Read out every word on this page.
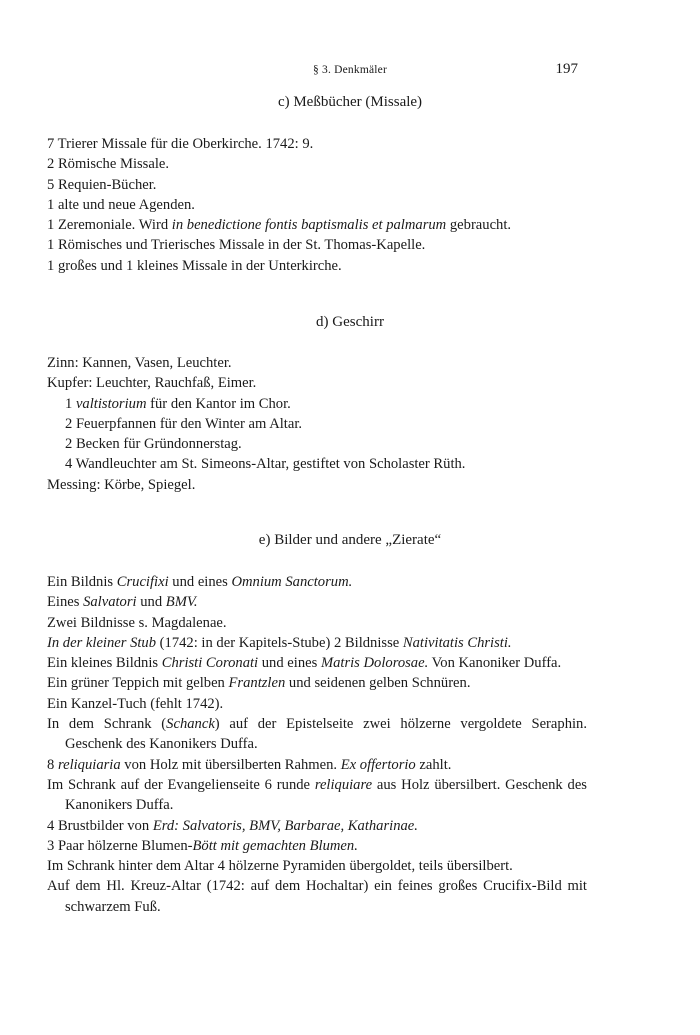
§ 3. Denkmäler	197
c) Meßbücher (Missale)

7 Trierer Missale für die Oberkirche. 1742: 9.

2 Römische Missale.

5 Requien-Bücher.

1 alte und neue Agenden.

1 Zeremoniale. Wird in benedictione fontis baptismalis et palmarum gebraucht.

1 Römisches und Trierisches Missale in der St. Thomas-Kapelle.

1 großes und 1 kleines Missale in der Unterkirche.

d) Geschirr

Zinn: Kannen, Vasen, Leuchter.

Kupfer: Leuchter, Rauchfaß, Eimer.

1 valtistorium für den Kantor im Chor.

2 Feuerpfannen für den Winter am Altar.

2 Becken für Gründonnerstag.

4 Wandleuchter am St. Simeons-Altar, gestiftet von Scholaster Rüth.

Messing: Körbe, Spiegel.

e) Bilder und andere „Zierate“

Ein Bildnis Crucifixi und eines Omnium Sanctorum.

Eines Salvatori und BMV.

Zwei Bildnisse s. Magdalenae.

In der kleiner Stub (1742: in der Kapitels-Stube) 2 Bildnisse Nativitatis Christi.

Ein kleines Bildnis Christi Coronati und eines Matris Dolorosae. Von Kanoniker Duffa.

Ein grüner Teppich mit gelben Frantzlen und seidenen gelben Schnüren.

Ein Kanzel-Tuch (fehlt 1742).

In dem Schrank (Schanck) auf der Epistelseite zwei hölzerne vergoldete Seraphin. Geschenk des Kanonikers Duffa.

8 reliquiaria von Holz mit übersilberten Rahmen. Ex offertorio zahlt.

Im Schrank auf der Evangelienseite 6 runde reliquiare aus Holz übersilbert. Geschenk des Kanonikers Duffa.

4 Brustbilder von Erd: Salvatoris, BMV, Barbarae, Katharinae.

3 Paar hölzerne Blumen-Bött mit gemachten Blumen.

Im Schrank hinter dem Altar 4 hölzerne Pyramiden übergoldet, teils übersilbert.

Auf dem Hl. Kreuz-Altar (1742: auf dem Hochaltar) ein feines großes Crucifix-Bild mit schwarzem Fuß.
